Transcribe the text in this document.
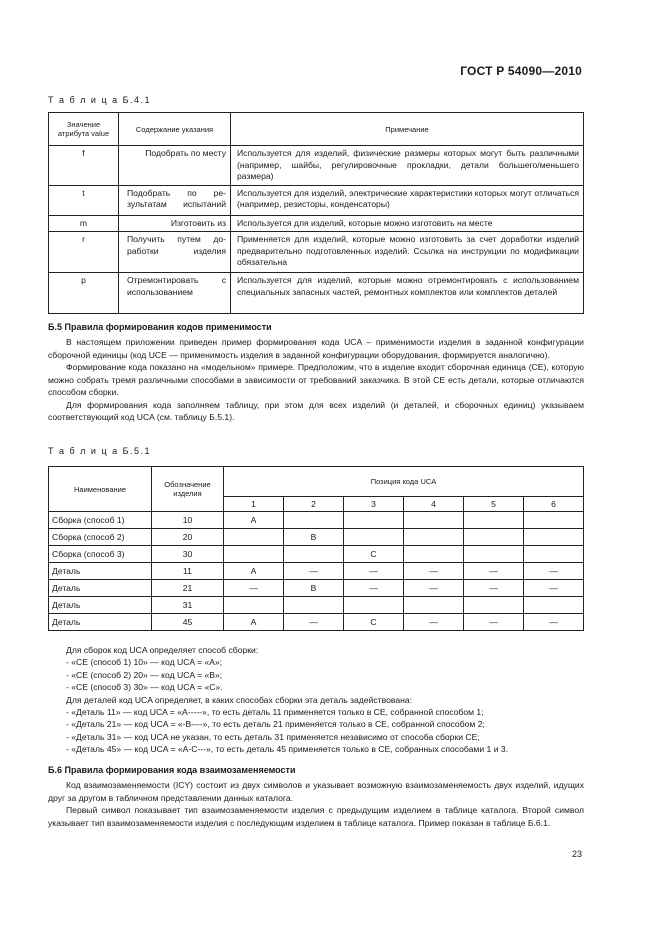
ГОСТ Р 54090—2010
Т а б л и ц а Б.4.1
Значение атрибута value	Содержание указания	Примечание
f	Подобрать по месту	Используется для изделий, физические размеры которых могут быть различными (например, шайбы, регулировочные прокладки, детали большего/меньшего размера)
t	Подобрать по результатам испытаний	Используется для изделий, электрические характеристики которых могут отличаться (например, резисторы, конденсаторы)
m	Изготовить из	Используется для изделий, которые можно изготовить на месте
r	Получить путем доработки изделия	Применяется для изделий, которые можно изготовить за счет доработки изделий предварительно подготовленных изделий. Ссылка на инструкции по модификации обязательна
p	Отремонтировать с использованием	Используется для изделий, которые можно отремонтировать с использованием специальных запасных частей, ремонтных комплектов или комплектов деталей
Б.5 Правила формирования кодов применимости

В настоящем приложении приведен пример формирования кода UCA – применимости изделия в заданной конфигурации сборочной единицы (код UCE — применимость изделия в заданной конфигурации оборудования, формируется аналогично).

Формирование кода показано на «модельном» примере. Предположим, что в изделие входит сборочная единица (СЕ), которую можно собрать тремя различными способами в зависимости от требований заказчика. В этой СЕ есть детали, которые отличаются способом сборки.

Для формирования кода заполняем таблицу, при этом для всех изделий (и деталей, и сборочных единиц) указываем соответствующий код UCA (см. таблицу Б.5.1).

Т а б л и ц а Б.5.1
Наименование	Обозначение изделия	Позиция кода UCA					
		1	2	3	4	5	6
Сборка (способ 1)	10	A					
Сборка (способ 2)	20		B				
Сборка (способ 3)	30			C			
Деталь	11	A	—	—	—	—	—
Деталь	21	—	B	—	—	—	—
Деталь	31						
Деталь	45	A	—	C	—	—	—
Для сборок код UCA определяет способ сборки:
- «СЕ (способ 1) 10» — код UCA = «A»;
- «СЕ (способ 2) 20» — код UCA = «B»;
- «СЕ (способ 3) 30» — код UCA = «C».
Для деталей код UCA определяет, в каких способах сборки эта деталь задействована:
- «Деталь 11» — код UCA = «A-----», то есть деталь 11 применяется только в СЕ, собранной способом 1;
- «Деталь 21» — код UCA = «-B----», то есть деталь 21 применяется только в СЕ, собранной способом 2;
- «Деталь 31» — код UCA не указан, то есть деталь 31 применяется независимо от способа сборки СЕ;
- «Деталь 45» — код UCA = «A-C---», то есть деталь 45 применяется только в СЕ, собранных способами 1 и 3.
Б.6 Правила формирования кода взаимозаменяемости

Код взаимозаменяемости (ICY) состоит из двух символов и указывает возможную взаимозаменяемость двух изделий, идущих друг за другом в табличном представлении данных каталога.

Первый символ показывает тип взаимозаменяемости изделия с предыдущим изделием в таблице каталога. Второй символ указывает тип взаимозаменяемости изделия с последующим изделием в таблице каталога. Пример показан в таблице Б.6.1.

23
